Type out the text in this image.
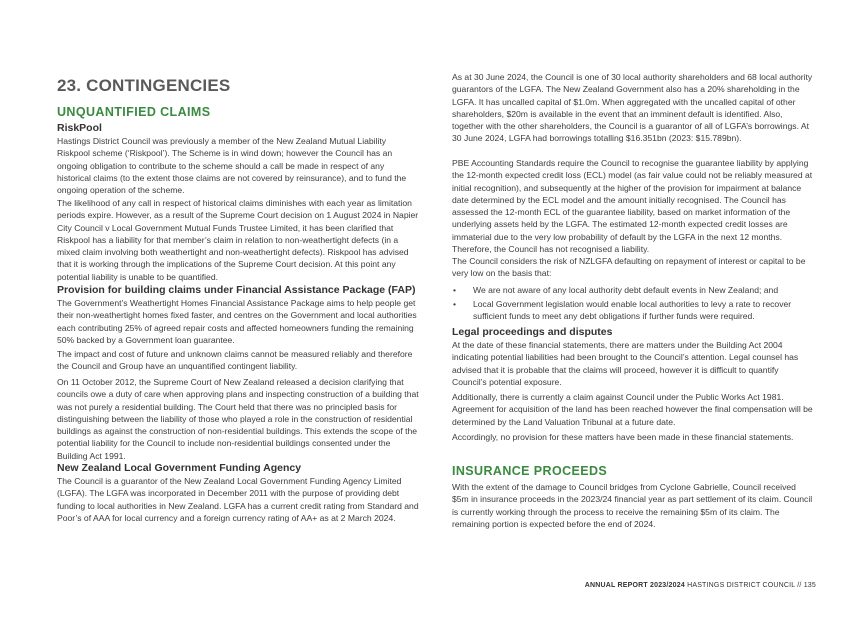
23. CONTINGENCIES
UNQUANTIFIED CLAIMS
RiskPool

Hastings District Council was previously a member of the New Zealand Mutual Liability Riskpool scheme (‘Riskpool’). The Scheme is in wind down; however the Council has an ongoing obligation to contribute to the scheme should a call be made in respect of any historical claims (to the extent those claims are not covered by reinsurance), and to fund the ongoing operation of the scheme.

The likelihood of any call in respect of historical claims diminishes with each year as limitation periods expire. However, as a result of the Supreme Court decision on 1 August 2024 in Napier City Council v Local Government Mutual Funds Trustee Limited, it has been clarified that Riskpool has a liability for that member’s claim in relation to non-weathertight defects (in a mixed claim involving both weathertight and non-weathertight defects). Riskpool has advised that it is working through the implications of the Supreme Court decision. At this point any potential liability is unable to be quantified.

Provision for building claims under Financial Assistance Package (FAP)

The Government’s Weathertight Homes Financial Assistance Package aims to help people get their non-weathertight homes fixed faster, and centres on the Government and local authorities each contributing 25% of agreed repair costs and affected homeowners funding the remaining 50% backed by a Government loan guarantee.

The impact and cost of future and unknown claims cannot be measured reliably and therefore the Council and Group have an unquantified contingent liability.

On 11 October 2012, the Supreme Court of New Zealand released a decision clarifying that councils owe a duty of care when approving plans and inspecting construction of a building that was not purely a residential building. The Court held that there was no principled basis for distinguishing between the liability of those who played a role in the construction of residential buildings as against the construction of non-residential buildings. This extends the scope of the potential liability for the Council to include non-residential buildings consented under the Building Act 1991.

New Zealand Local Government Funding Agency

The Council is a guarantor of the New Zealand Local Government Funding Agency Limited (LGFA). The LGFA was incorporated in December 2011 with the purpose of providing debt funding to local authorities in New Zealand. LGFA has a current credit rating from Standard and Poor’s of AAA for local currency and a foreign currency rating of AA+ as at 2 March 2024.

As at 30 June 2024, the Council is one of 30 local authority shareholders and 68 local authority guarantors of the LGFA. The New Zealand Government also has a 20% shareholding in the LGFA. It has uncalled capital of $1.0m. When aggregated with the uncalled capital of other shareholders, $20m is available in the event that an imminent default is identified. Also, together with the other shareholders, the Council is a guarantor of all of LGFA’s borrowings. At 30 June 2024, LGFA had borrowings totalling $16.351bn (2023: $15.789bn).

PBE Accounting Standards require the Council to recognise the guarantee liability by applying the 12-month expected credit loss (ECL) model (as fair value could not be reliably measured at initial recognition), and subsequently at the higher of the provision for impairment at balance date determined by the ECL model and the amount initially recognised. The Council has assessed the 12-month ECL of the guarantee liability, based on market information of the underlying assets held by the LGFA. The estimated 12-month expected credit losses are immaterial due to the very low probability of default by the LGFA in the next 12 months. Therefore, the Council has not recognised a liability.

The Council considers the risk of NZLGFA defaulting on repayment of interest or capital to be very low on the basis that:

• We are not aware of any local authority debt default events in New Zealand; and
• Local Government legislation would enable local authorities to levy a rate to recover sufficient funds to meet any debt obligations if further funds were required.
Legal proceedings and disputes

At the date of these financial statements, there are matters under the Building Act 2004 indicating potential liabilities had been brought to the Council’s attention. Legal counsel has advised that it is probable that the claims will proceed, however it is difficult to quantify Council’s potential exposure.

Additionally, there is currently a claim against Council under the Public Works Act 1981. Agreement for acquisition of the land has been reached however the final compensation will be determined by the Land Valuation Tribunal at a future date.

Accordingly, no provision for these matters have been made in these financial statements.

INSURANCE PROCEEDS

With the extent of the damage to Council bridges from Cyclone Gabrielle, Council received $5m in insurance proceeds in the 2023/24 financial year as part settlement of its claim. Council is currently working through the process to receive the remaining $5m of its claim. The remaining portion is expected before the end of 2024.

ANNUAL REPORT 2023/2024 HASTINGS DISTRICT COUNCIL // 135
